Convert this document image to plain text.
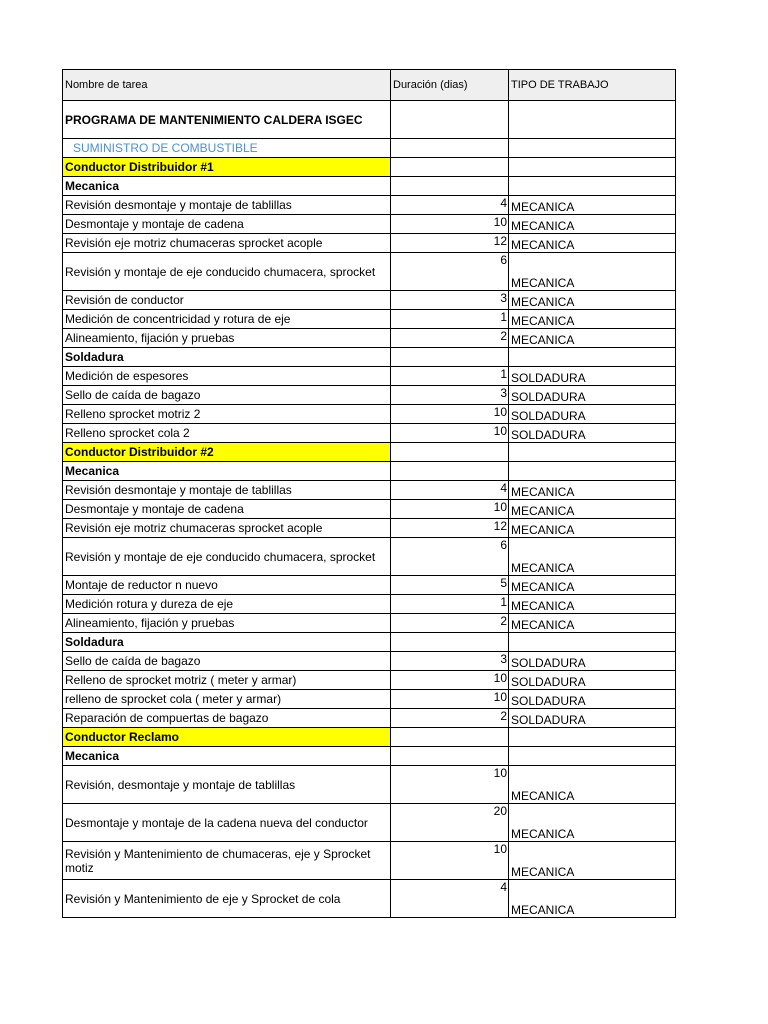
Nombre de tarea	Duración (dias)	TIPO DE TRABAJO
PROGRAMA DE MANTENIMIENTO CALDERA ISGEC		
SUMINISTRO DE COMBUSTIBLE		
Conductor Distribuidor #1		
Mecanica		
Revisión desmontaje y montaje de tablillas	4	MECANICA
Desmontaje y montaje de cadena	10	MECANICA
Revisión eje motriz chumaceras sprocket acople	12	MECANICA
Revisión y montaje de eje conducido chumacera, sprocket	6	MECANICA
Revisión de conductor	3	MECANICA
Medición de concentricidad y rotura de eje	1	MECANICA
Alineamiento, fijación y pruebas	2	MECANICA
Soldadura		
Medición de espesores	1	SOLDADURA
Sello de caída de bagazo	3	SOLDADURA
Relleno sprocket motriz 2	10	SOLDADURA
Relleno sprocket cola 2	10	SOLDADURA
Conductor Distribuidor #2		
Mecanica		
Revisión desmontaje y montaje de tablillas	4	MECANICA
Desmontaje y montaje de cadena	10	MECANICA
Revisión eje motriz chumaceras sprocket acople	12	MECANICA
Revisión y montaje de eje conducido chumacera, sprocket	6	MECANICA
Montaje de reductor n nuevo	5	MECANICA
Medición rotura y dureza de eje	1	MECANICA
Alineamiento, fijación y pruebas	2	MECANICA
Soldadura		
Sello de caída de bagazo	3	SOLDADURA
Relleno de sprocket motriz ( meter y armar)	10	SOLDADURA
relleno de sprocket cola ( meter y armar)	10	SOLDADURA
Reparación de compuertas de bagazo	2	SOLDADURA
Conductor Reclamo		
Mecanica		
Revisión, desmontaje y montaje de tablillas	10	MECANICA
Desmontaje y montaje de la cadena nueva del conductor	20	MECANICA
Revisión y Mantenimiento de chumaceras, eje y Sprocket motiz	10	MECANICA
Revisión y Mantenimiento de eje y Sprocket de cola	4	MECANICA
